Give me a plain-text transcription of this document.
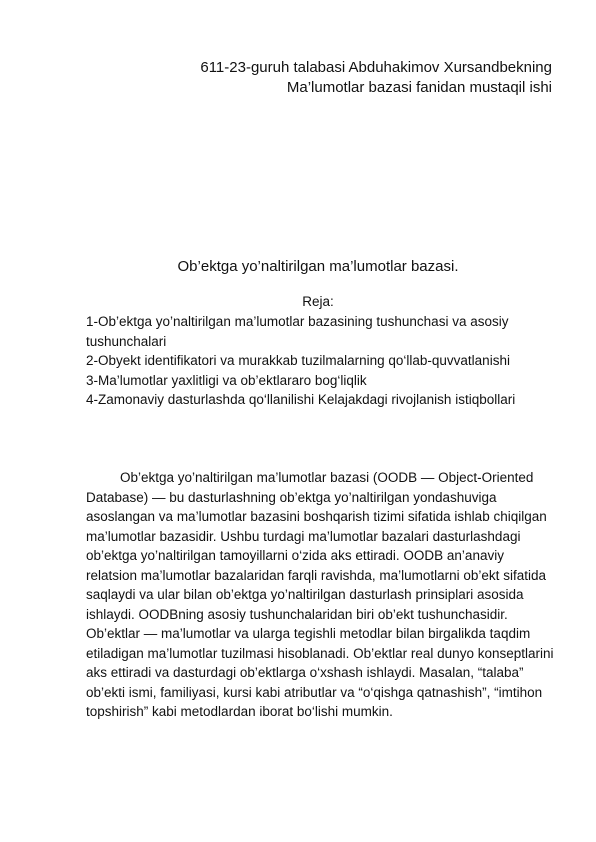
611-23-guruh talabasi Abduhakimov Xursandbekning
Ma’lumotlar bazasi fanidan mustaqil ishi
Ob’ektga yo’naltirilgan ma’lumotlar bazasi.
Reja:
1-Ob’ektga yo’naltirilgan ma’lumotlar bazasining tushunchasi va asosiy tushunchalari
2-Obyekt identifikatori va murakkab tuzilmalarning qo‘llab-quvvatlanishi
3-Ma’lumotlar yaxlitligi va ob’ektlararo bog‘liqlik
4-Zamonaviy dasturlashda qo‘llanilishi Kelajakdagi rivojlanish istiqbollari

Ob’ektga yo’naltirilgan ma’lumotlar bazasi (OODB — Object-Oriented Database) — bu dasturlashning ob’ektga yo’naltirilgan yondashuviga asoslangan va ma’lumotlar bazasini boshqarish tizimi sifatida ishlab chiqilgan ma’lumotlar bazasidir. Ushbu turdagi ma’lumotlar bazalari dasturlashdagi ob’ektga yo’naltirilgan tamoyillarni o‘zida aks ettiradi. OODB an’anaviy relatsion ma’lumotlar bazalaridan farqli ravishda, ma’lumotlarni ob’ekt sifatida saqlaydi va ular bilan ob’ektga yo’naltirilgan dasturlash prinsiplari asosida ishlaydi. OODBning asosiy tushunchalaridan biri ob’ekt tushunchasidir. Ob’ektlar — ma’lumotlar va ularga tegishli metodlar bilan birgalikda taqdim etiladigan ma’lumotlar tuzilmasi hisoblanadi. Ob’ektlar real dunyo konseptlarini aks ettiradi va dasturdagi ob’ektlarga o‘xshash ishlaydi. Masalan, “talaba” ob’ekti ismi, familiyasi, kursi kabi atributlar va “o‘qishga qatnashish”, “imtihon topshirish” kabi metodlardan iborat bo‘lishi mumkin.
